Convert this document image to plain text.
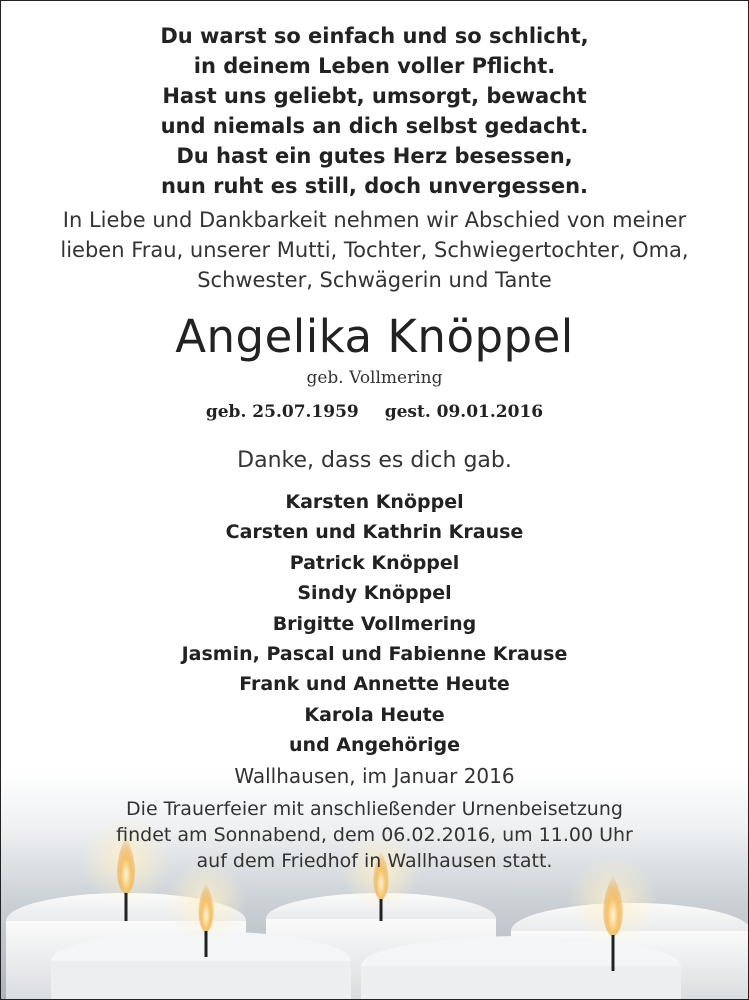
Du warst so einfach und so schlicht,
in deinem Leben voller Pflicht.
Hast uns geliebt, umsorgt, bewacht
und niemals an dich selbst gedacht.
Du hast ein gutes Herz besessen,
nun ruht es still, doch unvergessen.
In Liebe und Dankbarkeit nehmen wir Abschied von meiner
lieben Frau, unserer Mutti, Tochter, Schwiegertochter, Oma,
Schwester, Schwägerin und Tante
Angelika Knöppel
geb. Vollmering
geb. 25.07.1959 gest. 09.01.2016
Danke, dass es dich gab.
Karsten Knöppel
Carsten und Kathrin Krause
Patrick Knöppel
Sindy Knöppel
Brigitte Vollmering
Jasmin, Pascal und Fabienne Krause
Frank und Annette Heute
Karola Heute
und Angehörige
Wallhausen, im Januar 2016
Die Trauerfeier mit anschließender Urnenbeisetzung
findet am Sonnabend, dem 06.02.2016, um 11.00 Uhr
auf dem Friedhof in Wallhausen statt.
